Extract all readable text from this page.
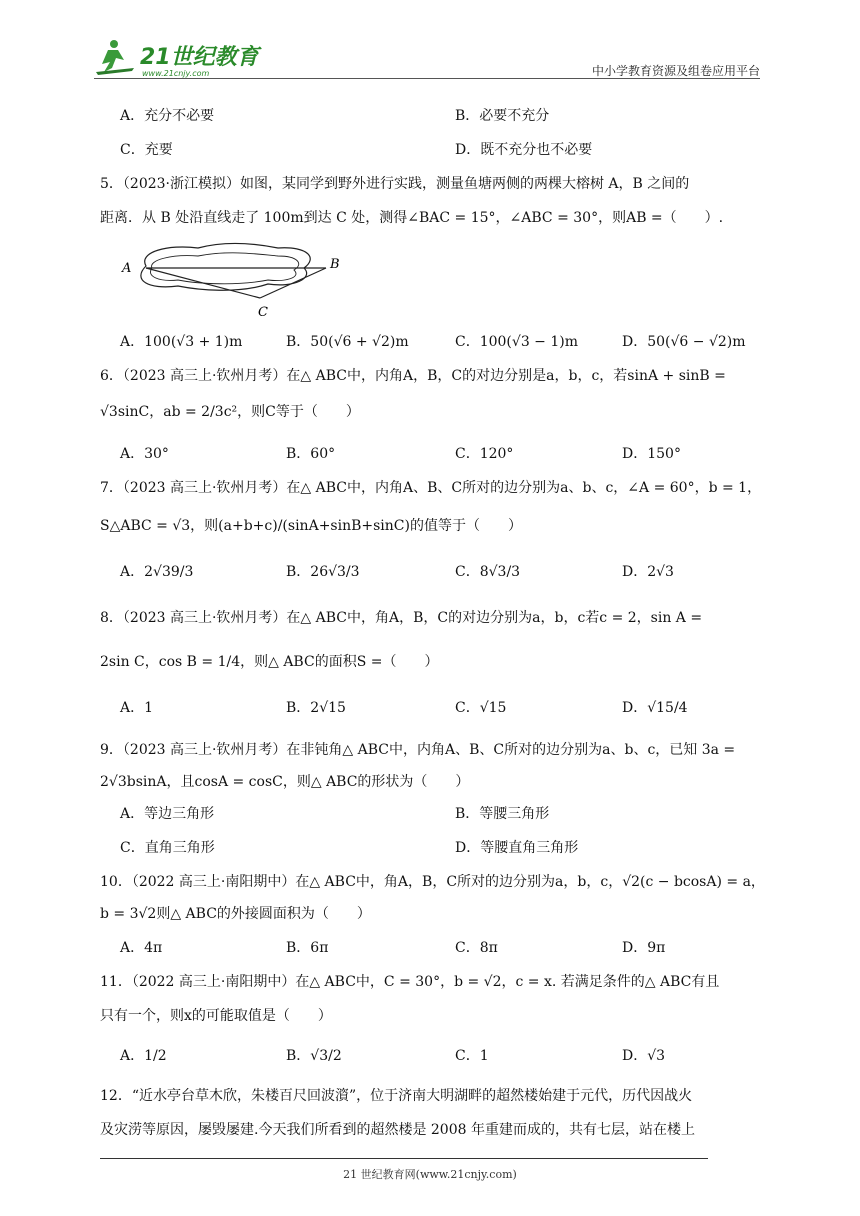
21世纪教育
www.21cnjy.com	中小学教育资源及组卷应用平台
A．充分不必要	B．必要不充分
C．充要	D．既不充分也不必要
5．（2023·浙江模拟）如图，某同学到野外进行实践，测量鱼塘两侧的两棵大榕树 A，B 之间的
距离．从 B 处沿直线走了 100m到达 C 处，测得∠BAC = 15°，∠ABC = 30°，则AB =（　　）.
A	B
C
A．100(√3 + 1)m	B．50(√6 + √2)m	C．100(√3 − 1)m	D．50(√6 − √2)m
6．（2023 高三上·钦州月考）在△ ABC中，内角A，B，C的对边分别是a，b，c，若sinA + sinB =
√3sinC，ab = 2/3c²，则C等于（　　）
A．30°	B．60°	C．120°	D．150°
7．（2023 高三上·钦州月考）在△ ABC中，内角A、B、C所对的边分别为a、b、c，∠A = 60°，b = 1，
S△ABC = √3，则(a+b+c)/(sinA+sinB+sinC)的值等于（　　）
A．2√39/3	B．26√3/3	C．8√3/3	D．2√3
8．（2023 高三上·钦州月考）在△ ABC中，角A，B，C的对边分别为a，b，c若c = 2，sin A =
2sin C，cos B = 1/4，则△ ABC的面积S =（　　）
A．1	B．2√15	C．√15	D．√15/4
9．（2023 高三上·钦州月考）在非钝角△ ABC中，内角A、B、C所对的边分别为a、b、c，已知 3a =
2√3bsinA，且cosA = cosC，则△ ABC的形状为（　　）
A．等边三角形	B．等腰三角形
C．直角三角形	D．等腰直角三角形
10．（2022 高三上·南阳期中）在△ ABC中，角A，B，C所对的边分别为a，b，c，√2(c − bcosA) = a，
b = 3√2则△ ABC的外接圆面积为（　　）
A．4π	B．6π	C．8π	D．9π
11．（2022 高三上·南阳期中）在△ ABC中，C = 30°，b = √2，c = x. 若满足条件的△ ABC有且
只有一个，则x的可能取值是（　　）
A．1/2	B．√3/2	C．1	D．√3
12．“近水亭台草木欣，朱楼百尺回波澬”，位于济南大明湖畔的超然楼始建于元代，历代因战火
及灾涝等原因，屡毁屡建.今天我们所看到的超然楼是 2008 年重建而成的，共有七层，站在楼上
21 世纪教育网(www.21cnjy.com)
